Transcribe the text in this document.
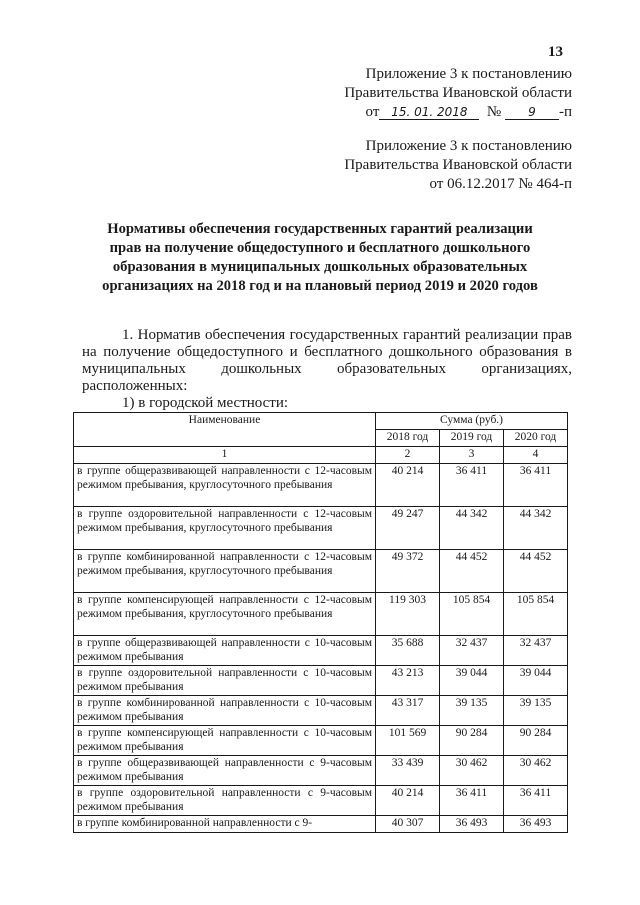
13
Приложение 3 к постановлению
Правительства Ивановской области
от 15. 01. 2018 № 9 -п
Приложение 3 к постановлению
Правительства Ивановской области
от 06.12.2017 № 464-п
Нормативы обеспечения государственных гарантий реализации прав на получение общедоступного и бесплатного дошкольного образования в муниципальных дошкольных образовательных организациях на 2018 год и на плановый период 2019 и 2020 годов
1. Норматив обеспечения государственных гарантий реализации прав на получение общедоступного и бесплатного дошкольного образования в муниципальных дошкольных образовательных организациях, расположенных:
1) в городской местности:
Наименование	Сумма (руб.)		
	2018 год	2019 год	2020 год
1	2	3	4
в группе общеразвивающей направленности с 12-часовым режимом пребывания, круглосуточного пребывания	40 214	36 411	36 411
в группе оздоровительной направленности с 12-часовым режимом пребывания, круглосуточного пребывания	49 247	44 342	44 342
в группе комбинированной направленности с 12-часовым режимом пребывания, круглосуточного пребывания	49 372	44 452	44 452
в группе компенсирующей направленности с 12-часовым режимом пребывания, круглосуточного пребывания	119 303	105 854	105 854
в группе общеразвивающей направленности с 10-часовым режимом пребывания	35 688	32 437	32 437
в группе оздоровительной направленности с 10-часовым режимом пребывания	43 213	39 044	39 044
в группе комбинированной направленности с 10-часовым режимом пребывания	43 317	39 135	39 135
в группе компенсирующей направленности с 10-часовым режимом пребывания	101 569	90 284	90 284
в группе общеразвивающей направленности с 9-часовым режимом пребывания	33 439	30 462	30 462
в группе оздоровительной направленности с 9-часовым режимом пребывания	40 214	36 411	36 411
в группе комбинированной направленности с 9-	40 307	36 493	36 493
